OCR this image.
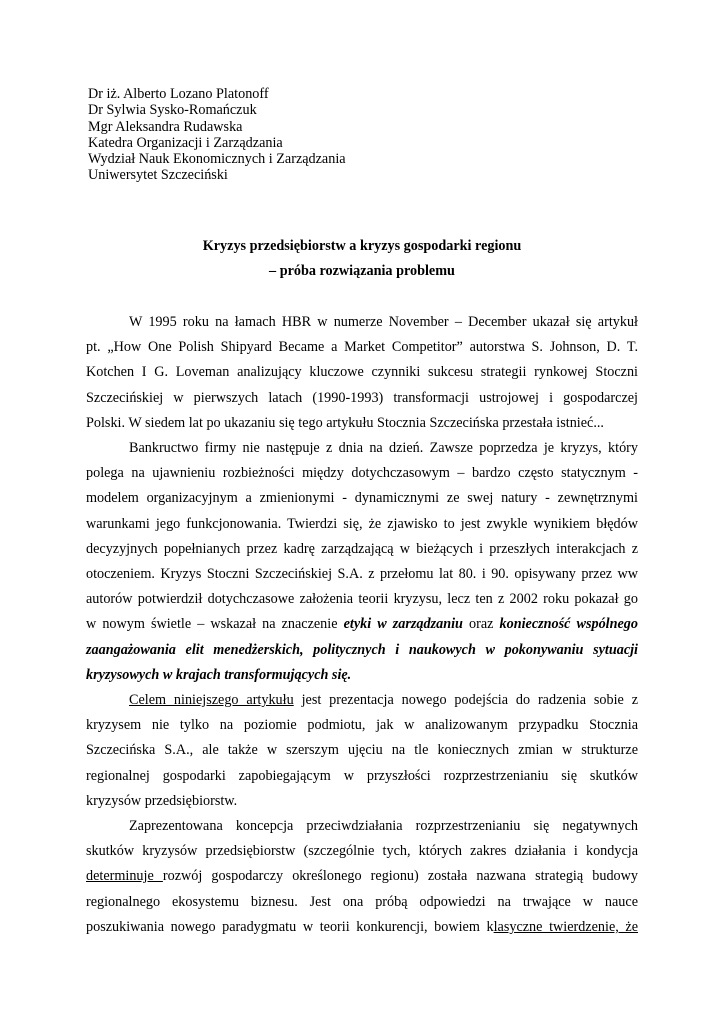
Dr iż. Alberto Lozano Platonoff
Dr Sylwia Sysko-Romańczuk
Mgr Aleksandra Rudawska
Katedra Organizacji i Zarządzania
Wydział Nauk Ekonomicznych i Zarządzania
Uniwersytet Szczeciński
Kryzys przedsiębiorstw a kryzys gospodarki regionu
– próba rozwiązania problemu
W 1995 roku na łamach HBR w numerze November – December ukazał się artykuł
pt. „How One Polish Shipyard Became a Market Competitor” autorstwa S. Johnson, D. T.
Kotchen I G. Loveman analizujący kluczowe czynniki sukcesu strategii rynkowej Stoczni
Szczecińskiej w pierwszych latach (1990-1993) transformacji ustrojowej i gospodarczej
Polski. W siedem lat po ukazaniu się tego artykułu Stocznia Szczecińska przestała istnieć...
Bankructwo firmy nie następuje z dnia na dzień. Zawsze poprzedza je kryzys, który
polega na ujawnieniu rozbieżności między dotychczasowym – bardzo często statycznym -
modelem organizacyjnym a zmienionymi - dynamicznymi ze swej natury - zewnętrznymi
warunkami jego funkcjonowania. Twierdzi się, że zjawisko to jest zwykle wynikiem błędów
decyzyjnych popełnianych przez kadrę zarządzającą w bieżących i przeszłych interakcjach z
otoczeniem. Kryzys Stoczni Szczecińskiej S.A. z przełomu lat 80. i 90. opisywany przez ww
autorów potwierdził dotychczasowe założenia teorii kryzysu, lecz ten z 2002 roku pokazał go
w nowym świetle – wskazał na znaczenie etyki w zarządzaniu oraz konieczność wspólnego
zaangażowania elit menedżerskich, politycznych i naukowych w pokonywaniu sytuacji
kryzysowych w krajach transformujących się.
Celem niniejszego artykułu jest prezentacja nowego podejścia do radzenia sobie z
kryzysem nie tylko na poziomie podmiotu, jak w analizowanym przypadku Stocznia
Szczecińska S.A., ale także w szerszym ujęciu na tle koniecznych zmian w strukturze
regionalnej gospodarki zapobiegającym w przyszłości rozprzestrzenianiu się skutków
kryzysów przedsiębiorstw.
Zaprezentowana koncepcja przeciwdziałania rozprzestrzenianiu się negatywnych
skutków kryzysów przedsiębiorstw (szczególnie tych, których zakres działania i kondycja
determinuje rozwój gospodarczy określonego regionu) została nazwana strategią budowy
regionalnego ekosystemu biznesu. Jest ona próbą odpowiedzi na trwające w nauce
poszukiwania nowego paradygmatu w teorii konkurencji, bowiem klasyczne twierdzenie, że
